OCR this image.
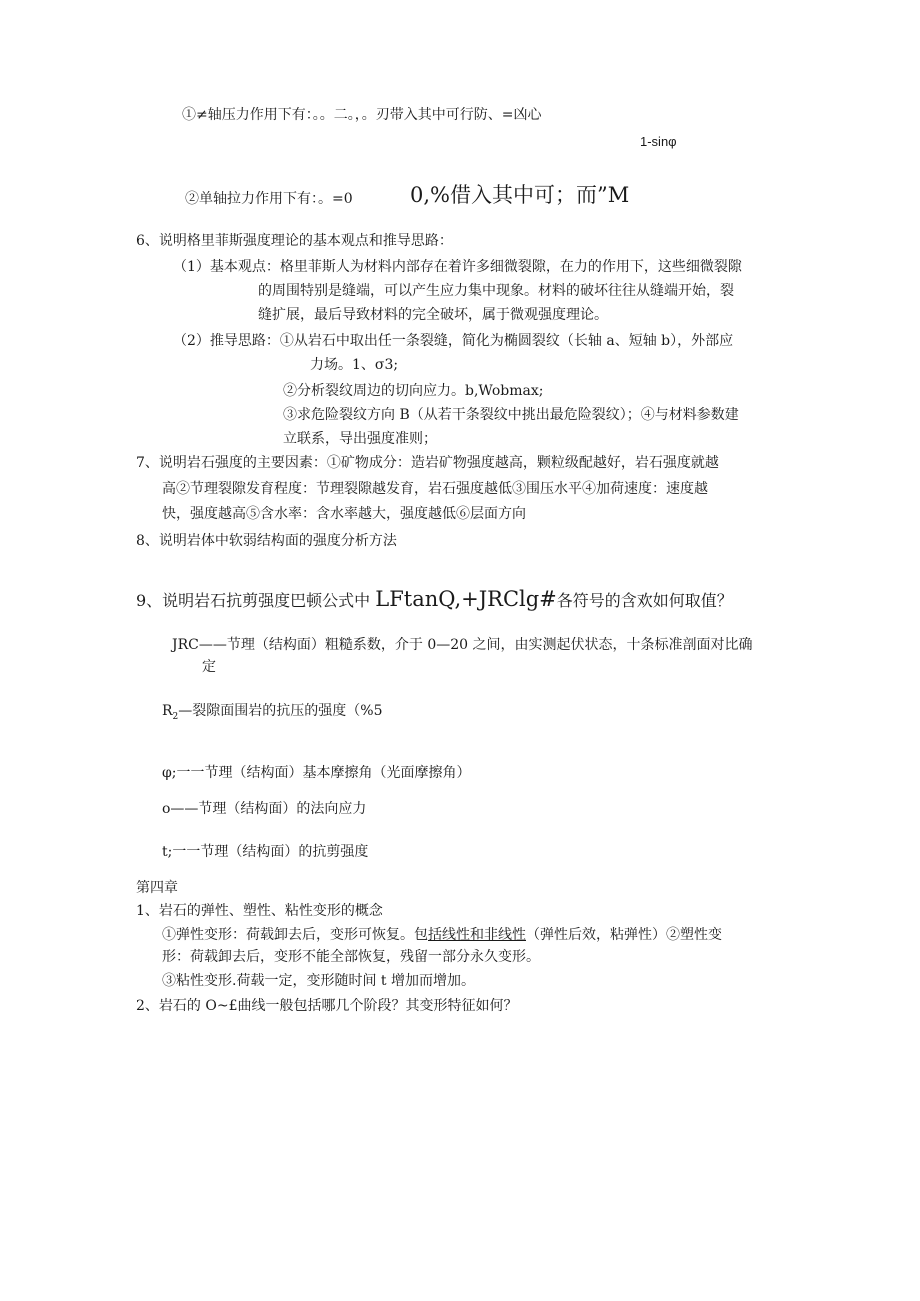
①≠轴压力作用下有：。。二。，。刃带入其中可行防、=凶心
1-sinφ
②单轴拉力作用下有：。=0	0,%借入其中可；而”M
6、说明格里菲斯强度理论的基本观点和推导思路：
（1）基本观点：格里菲斯人为材料内部存在着许多细微裂隙，在力的作用下，这些细微裂隙
的周围特别是缝端，可以产生应力集中现象。材料的破坏往往从缝端开始，裂
缝扩展，最后导致材料的完全破坏，属于微观强度理论。
（2）推导思路：①从岩石中取出任一条裂缝，简化为椭圆裂纹（长轴 a、短轴 b），外部应
力场。1、σ3;
②分析裂纹周边的切向应力。b,Wobmax;
③求危险裂纹方向 B（从若干条裂纹中挑出最危险裂纹）；④与材料参数建
立联系，导出强度准则；
7、说明岩石强度的主要因素：①矿物成分：造岩矿物强度越高，颗粒级配越好，岩石强度就越
高②节理裂隙发育程度：节理裂隙越发育，岩石强度越低③围压水平④加荷速度：速度越
快，强度越高⑤含水率：含水率越大，强度越低⑥层面方向
8、说明岩体中软弱结构面的强度分析方法
9、说明岩石抗剪强度巴顿公式中 LFtanQ,+JRClg#各符号的含欢如何取值？
JRC——节理（结构面）粗糙系数，介于 0—20 之间，由实测起伏状态，十条标准剖面对比确
定
$R_2—$裂隙面围岩的抗压的强度（%5
φ;一一节理（结构面）基本摩擦角（光面摩擦角）
o——节理（结构面）的法向应力
t;一一节理（结构面）的抗剪强度
第四章
1、岩石的弹性、塑性、粘性变形的概念
①弹性变形：荷载卸去后，变形可恢复。包括线性和非线性（弹性后效，粘弹性）②塑性变
形：荷载卸去后，变形不能全部恢复，残留一部分永久变形。
③粘性变形.荷载一定，变形随时间 t 增加而增加。
2、岩石的 O~£曲线一般包括哪几个阶段？其变形特征如何？
